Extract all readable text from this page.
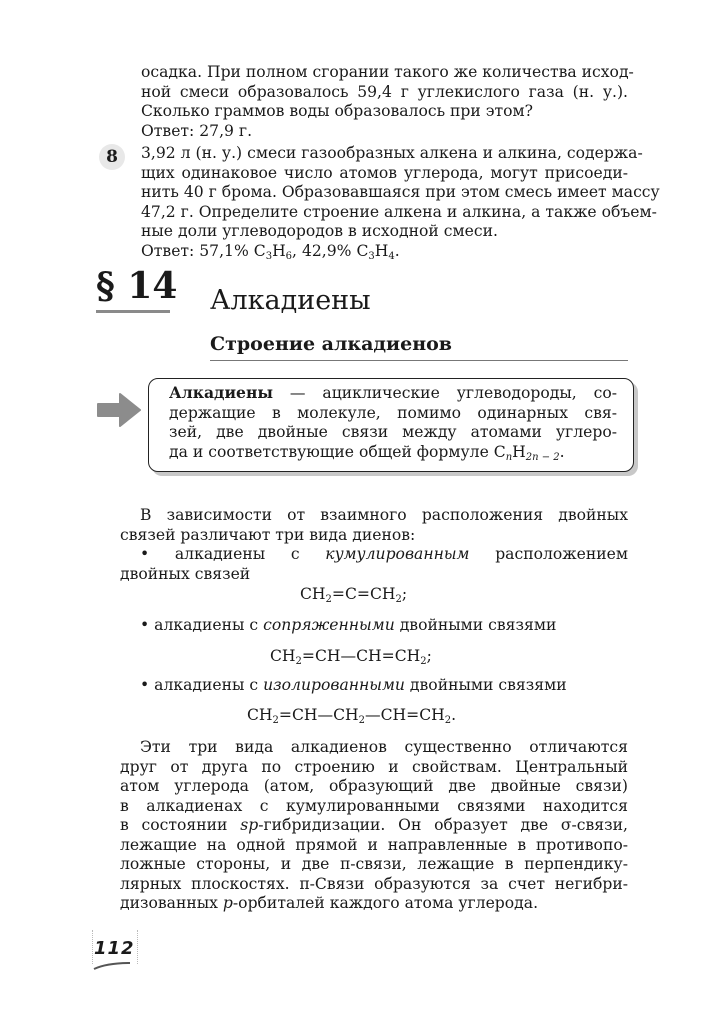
осадка. При полном сгорании такого же количества исход-
ной смеси образовалось 59,4 г углекислого газа (н. у.).
Сколько граммов воды образовалось при этом?
Ответ: 27,9 г.
8	3,92 л (н. у.) смеси газообразных алкена и алкина, содержа-
щих одинаковое число атомов углерода, могут присоеди-
нить 40 г брома. Образовавшаяся при этом смесь имеет массу
47,2 г. Определите строение алкена и алкина, а также объем-
ные доли углеводородов в исходной смеси.
Ответ: 57,1% $C_3H_6$, 42,9% $C_3H_4$.
§ 14 Алкадиены
Строение алкадиенов
Алкадиены — ациклические углеводороды, со-
держащие в молекуле, помимо одинарных свя-
зей, две двойные связи между атомами углеро-
да и соответствующие общей формуле $C_nH_{2n - 2}$.
В зависимости от взаимного расположения двойных
связей различают три вида диенов:
• алкадиены с кумулированным расположением
двойных связей
$CH_2=C=CH_2$;
• алкадиены с сопряженными двойными связями
$CH_2=CH—CH=CH_2$;
• алкадиены с изолированными двойными связями
$CH_2=CH—CH_2—CH=CH_2$.
Эти три вида алкадиенов существенно отличаются
друг от друга по строению и свойствам. Центральный
атом углерода (атом, образующий две двойные связи)
в алкадиенах с кумулированными связями находится
в состоянии sp-гибридизации. Он образует две σ-связи,
лежащие на одной прямой и направленные в противопо-
ложные стороны, и две π-связи, лежащие в перпендику-
лярных плоскостях. π-Связи образуются за счет негибри-
дизованных p-орбиталей каждого атома углерода.
112
